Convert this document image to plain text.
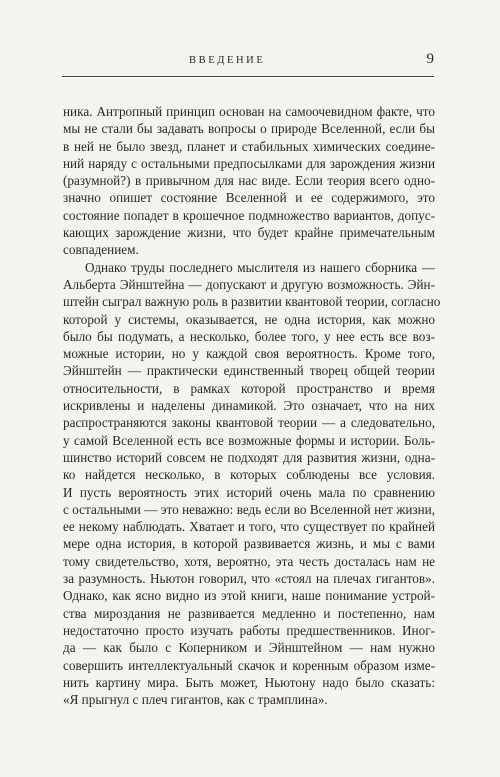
ВВЕДЕНИЕ	9
ника. Антропный принцип основан на самоочевидном факте, что
мы не стали бы задавать вопросы о природе Вселенной, если бы
в ней не было звезд, планет и стабильных химических соедине-
ний наряду с остальными предпосылками для зарождения жизни
(разумной?) в привычном для нас виде. Если теория всего одно-
значно опишет состояние Вселенной и ее содержимого, это
состояние попадет в крошечное подмножество вариантов, допус-
кающих зарождение жизни, что будет крайне примечательным
совпадением.
Однако труды последнего мыслителя из нашего сборника —
Альберта Эйнштейна — допускают и другую возможность. Эйн-
штейн сыграл важную роль в развитии квантовой теории, согласно
которой у системы, оказывается, не одна история, как можно
было бы подумать, а несколько, более того, у нее есть все воз-
можные истории, но у каждой своя вероятность. Кроме того,
Эйнштейн — практически единственный творец общей теории
относительности, в рамках которой пространство и время
искривлены и наделены динамикой. Это означает, что на них
распространяются законы квантовой теории — а следовательно,
у самой Вселенной есть все возможные формы и истории. Боль-
шинство историй совсем не подходят для развития жизни, одна-
ко найдется несколько, в которых соблюдены все условия.
И пусть вероятность этих историй очень мала по сравнению
с остальными — это неважно: ведь если во Вселенной нет жизни,
ее некому наблюдать. Хватает и того, что существует по крайней
мере одна история, в которой развивается жизнь, и мы с вами
тому свидетельство, хотя, вероятно, эта честь досталась нам не
за разумность. Ньютон говорил, что «стоял на плечах гигантов».
Однако, как ясно видно из этой книги, наше понимание устрой-
ства мироздания не развивается медленно и постепенно, нам
недостаточно просто изучать работы предшественников. Иног-
да — как было с Коперником и Эйнштейном — нам нужно
совершить интеллектуальный скачок и коренным образом изме-
нить картину мира. Быть может, Ньютону надо было сказать:
«Я прыгнул с плеч гигантов, как с трамплина».
